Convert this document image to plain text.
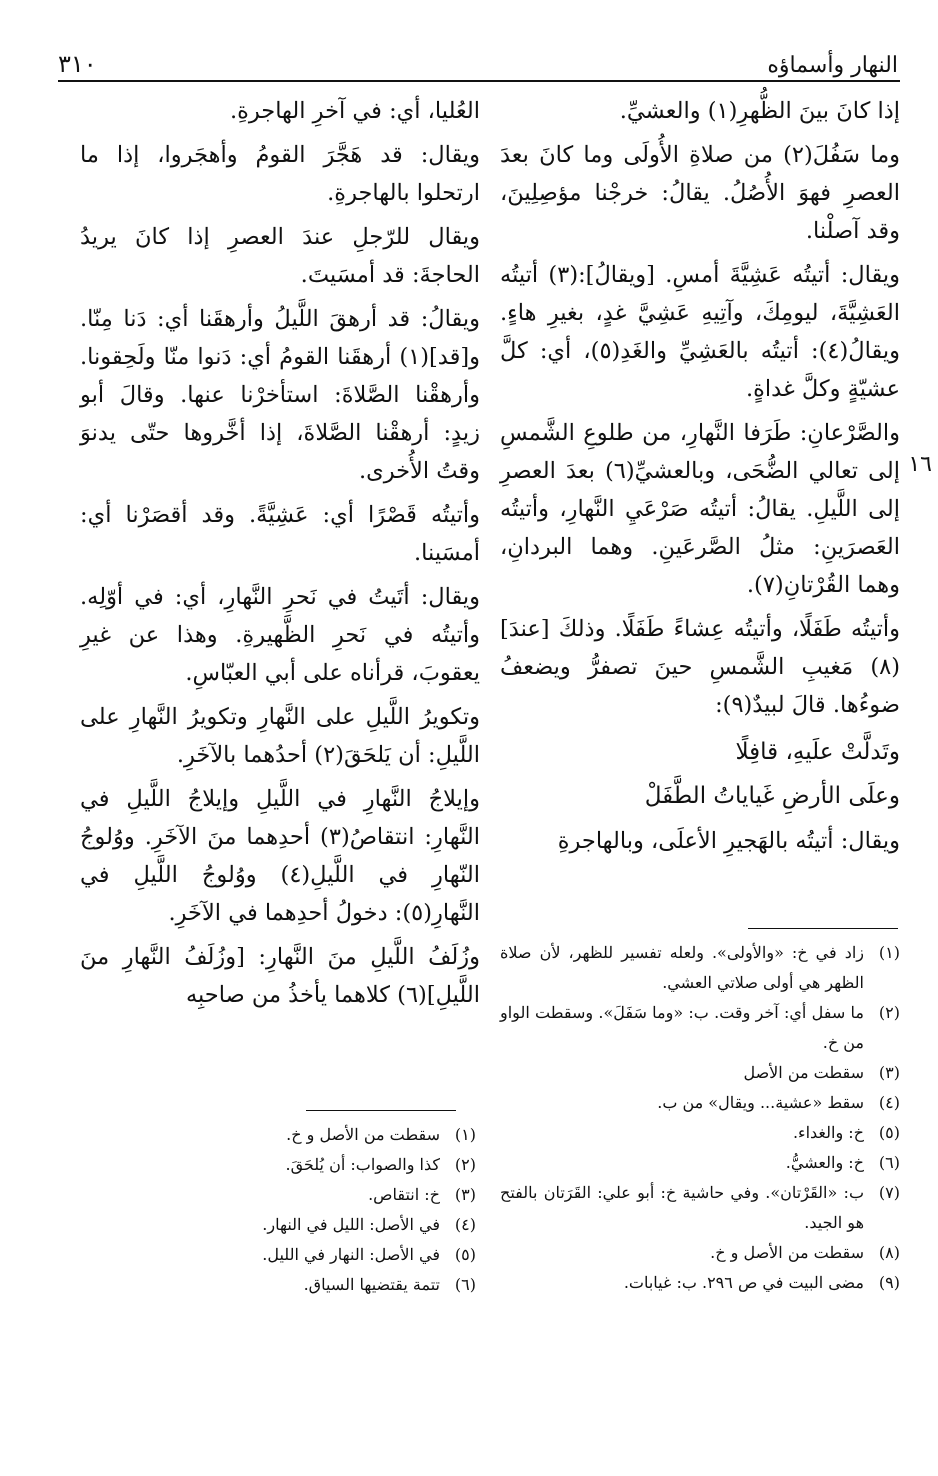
النهار وأسماؤه
٣١٠
١٦

إذا كانَ بينَ الظُّهرِ(١) والعشيِّ.

وما سَفُلَ(٢) من صلاةِ الأُولَى وما كانَ بعدَ العصرِ فهوَ الأُصُلُ. يقالُ: خرجْنا مؤصِلِينَ، وقد آصلْنا.

ويقال: أتيتُه عَشِيَّةَ أمسِ. [ويقالُ]:(٣) أتيتُه العَشِيَّةَ، ليومِكَ، وآتِيهِ عَشِيَّ غدٍ، بغيرِ هاءٍ. ويقالُ(٤): أتيتُه بالعَشِيِّ والغَدِ(٥)، أي: كلَّ عشيّةٍ وكلَّ غداةٍ.

والصَّرْعانِ: طَرَفا النَّهارِ، من طلوعِ الشَّمسِ إلى تعالي الضُّحَى، وبالعشيِّ(٦) بعدَ العصرِ إلى اللَّيلِ. يقالُ: أتيتُه صَرْعَيِ النَّهارِ، وأتيتُه العَصرَينِ: مثلُ الصَّرعَينِ. وهما البردانِ، وهما القُرْتانِ(٧).

وأتيتُه طَفَلًا، وأتيتُه عِشاءً طَفَلًا. وذلكَ [عندَ](٨) مَغيبِ الشَّمسِ حينَ تصفرُّ ويضعفُ ضوءُها. قالَ لبيدٌ(٩):

وتَدلَّتْ علَيهِ، قافِلًا
وعلَى الأرضِ غَياياتُ الطَّفَلْ

ويقال: أتيتُه بالهَجيرِ الأعلَى، وبالهاجرةِ

العُليا، أي: في آخرِ الهاجرةِ.

ويقال: قد هَجَّرَ القومُ وأهجَروا، إذا ما ارتحلوا بالهاجرةِ.

ويقال للرّجلِ عندَ العصرِ إذا كانَ يريدُ الحاجةَ: قد أمسَيتَ.

ويقالُ: قد أرهقَ اللَّيلُ وأرهقَنا أي: دَنا مِنّا. و[قد](١) أرهقَنا القومُ أي: دَنوا منّا ولَحِقونا. وأرهقْنا الصَّلاةَ: استأخرْنا عنها. وقالَ أبو زيدٍ: أرهقْنا الصَّلاةَ، إذا أخَّروها حتّى يدنوَ وقتُ الأُخرى.

وأتيتُه قَصْرًا أي: عَشِيَّةً. وقد أقصَرْنا أي: أمسَينا.

ويقال: أتَيتُ في نَحرِ النَّهارِ، أي: في أوّلِه. وأتيتُه في نَحرِ الظَّهيرةِ. وهذا عن غيرِ يعقوبَ، قرأناه على أبي العبّاسِ.

وتكويرُ اللَّيلِ على النَّهارِ وتكويرُ النَّهارِ على اللَّيلِ: أن يَلحَقَ(٢) أحدُهما بالآخَرِ.

وإيلاجُ النَّهارِ في اللَّيلِ وإيلاجُ اللَّيلِ في النَّهارِ: انتقاصُ(٣) أحدِهما منَ الآخَرِ. ووُلوجُ النّهارِ في اللَّيلِ(٤) ووُلوجُ اللَّيلِ في النَّهارِ(٥): دخولُ أحدِهما في الآخَرِ.

وزُلَفُ اللَّيلِ منَ النَّهارِ: [وزُلَفُ النَّهارِ منَ اللَّيلِ](٦) كلاهما يأخذُ من صاحبِه

(١)
زاد في خ: «والأولى». ولعله تفسير للظهر، لأن صلاة الظهر هي أولى صلاتي العشي.
(٢)
ما سفل أي: آخر وقت. ب: «وما سَفَلَ». وسقطت الواو من خ.
(٣)
سقطت من الأصل
(٤)
سقط «عشية... ويقال» من ب.
(٥)
خ: والغداء.
(٦)
خ: والعشيُّ.
(٧)
ب: «القَرْتان». وفي حاشية خ: أبو علي: القَرَتان بالفتح هو الجيد.
(٨)
سقطت من الأصل و خ.
(٩)
مضى البيت في ص ٢٩٦. ب: غيابات.
(١)
سقطت من الأصل و خ.
(٢)
كذا والصواب: أن يُلحَقَ.
(٣)
خ: انتقاص.
(٤)
في الأصل: الليل في النهار.
(٥)
في الأصل: النهار في الليل.
(٦)
تتمة يقتضيها السياق.
